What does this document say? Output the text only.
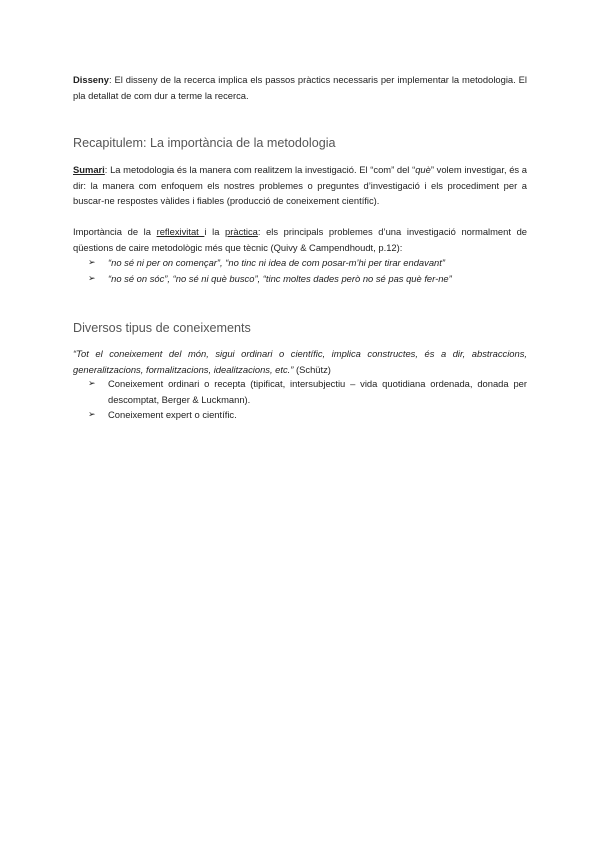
Disseny: El disseny de la recerca implica els passos pràctics necessaris per implementar la metodologia. El pla detallat de com dur a terme la recerca.

Recapitulem: La importància de la metodologia

Sumari: La metodologia és la manera com realitzem la investigació. El “com” del “què” volem investigar, és a dir: la manera com enfoquem els nostres problemes o preguntes d’investigació i els procediment per a buscar-ne respostes vàlides i fiables (producció de coneixement científic).

Importància de la reflexivitat i la pràctica: els principals problemes d’una investigació normalment de qüestions de caire metodològic més que tècnic (Quivy & Campendhoudt, p.12):

➢ “no sé ni per on començar”, “no tinc ni idea de com posar-m’hi per tirar endavant”
➢ “no sé on sóc”, “no sé ni què busco”, “tinc moltes dades però no sé pas què fer-ne”
Diversos tipus de coneixements

“Tot el coneixement del món, sigui ordinari o científic, implica constructes, és a dir, abstraccions, generalitzacions, formalitzacions, idealitzacions, etc.” (Schütz)

➢ Coneixement ordinari o recepta (tipificat, intersubjectiu – vida quotidiana ordenada, donada per descomptat, Berger & Luckmann).
➢ Coneixement expert o científic.
